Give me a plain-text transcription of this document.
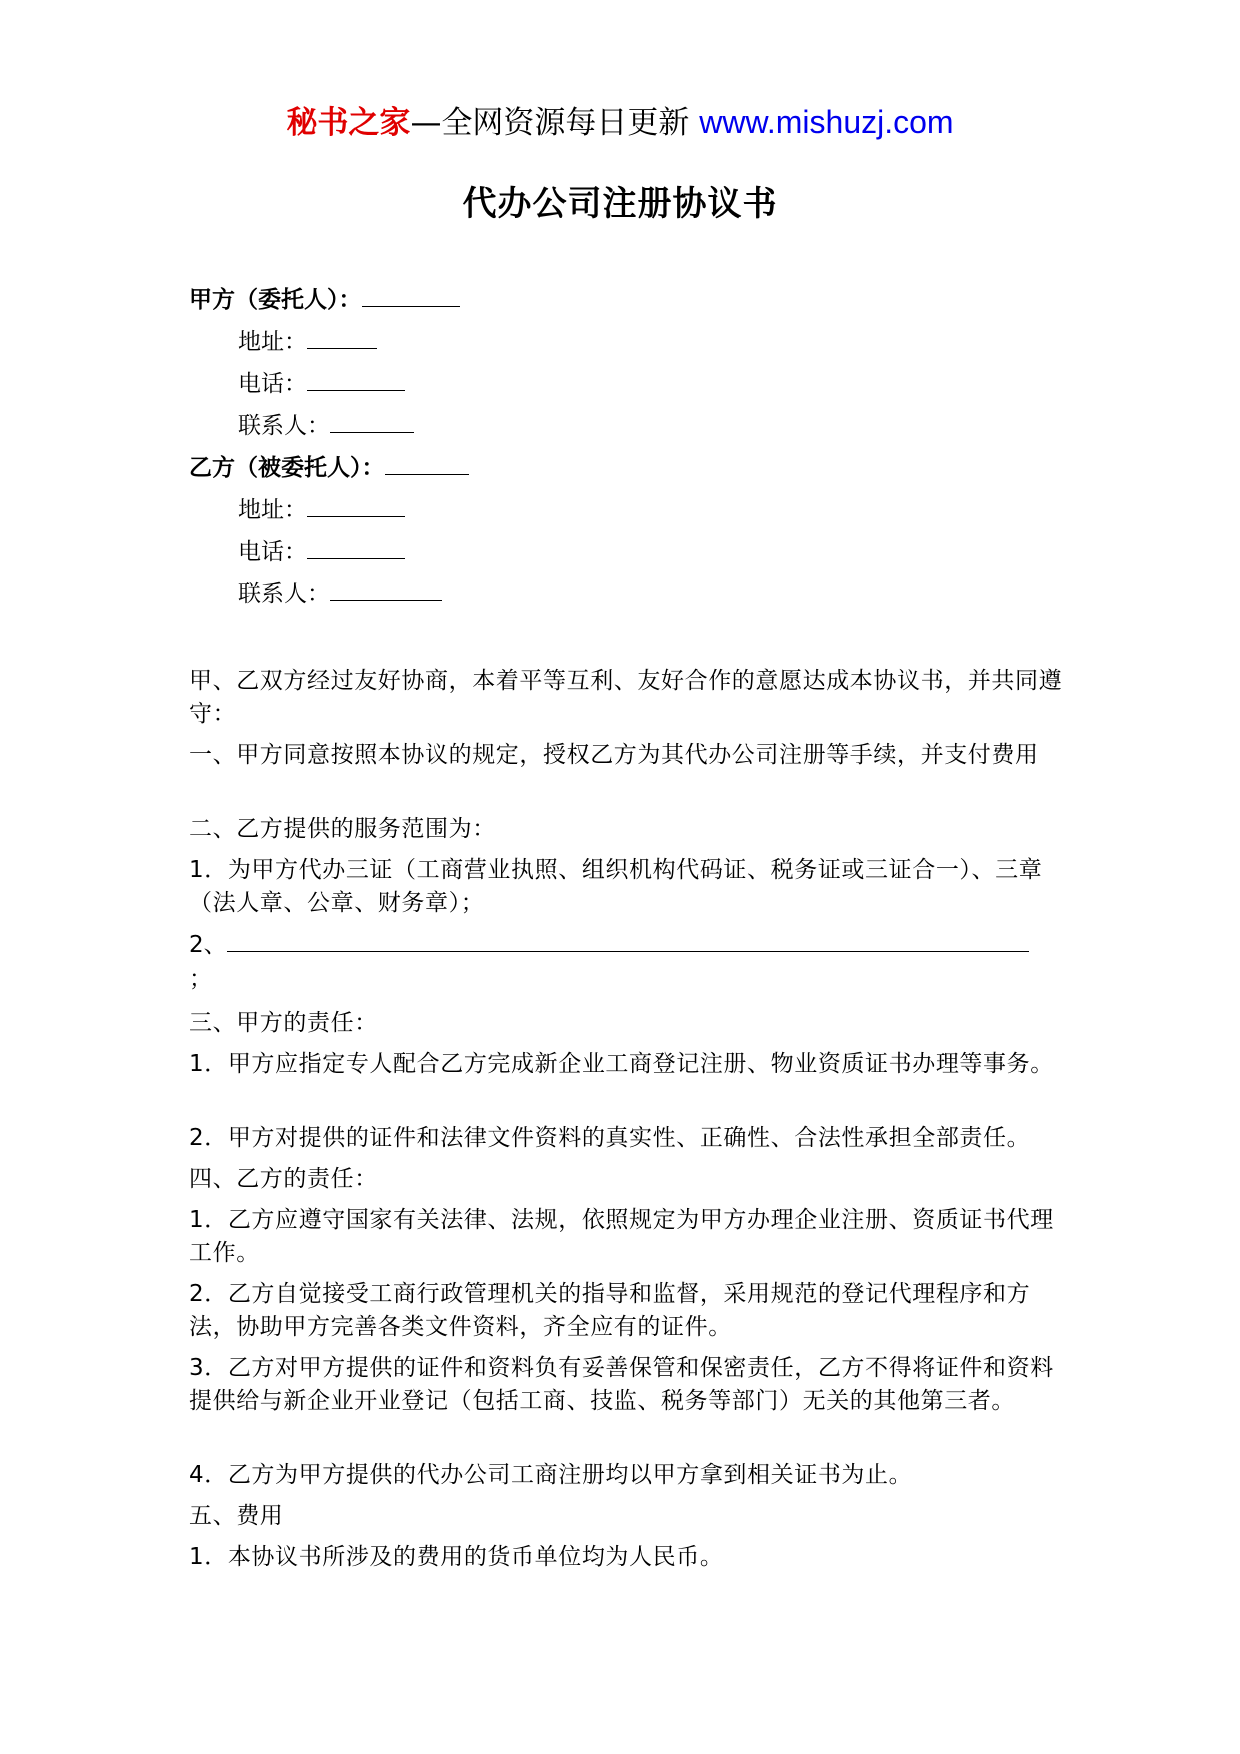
秘书之家—全网资源每日更新 www.mishuzj.com
代办公司注册协议书
甲方（委托人）：
地址：
电话：
联系人：
乙方（被委托人）：
地址：
电话：
联系人：
甲、乙双方经过友好协商，本着平等互利、友好合作的意愿达成本协议书，并共同遵守：
一、甲方同意按照本协议的规定，授权乙方为其代办公司注册等手续，并支付费用
二、乙方提供的服务范围为：
1．为甲方代办三证（工商营业执照、组织机构代码证、税务证或三证合一）、三章（法人章、公章、财务章）；
2、
；
三、甲方的责任：
1．甲方应指定专人配合乙方完成新企业工商登记注册、物业资质证书办理等事务。
2．甲方对提供的证件和法律文件资料的真实性、正确性、合法性承担全部责任。
四、乙方的责任：
1．乙方应遵守国家有关法律、法规，依照规定为甲方办理企业注册、资质证书代理工作。
2．乙方自觉接受工商行政管理机关的指导和监督，采用规范的登记代理程序和方法，协助甲方完善各类文件资料，齐全应有的证件。
3．乙方对甲方提供的证件和资料负有妥善保管和保密责任，乙方不得将证件和资料提供给与新企业开业登记（包括工商、技监、税务等部门）无关的其他第三者。
4．乙方为甲方提供的代办公司工商注册均以甲方拿到相关证书为止。
五、费用
1．本协议书所涉及的费用的货币单位均为人民币。
